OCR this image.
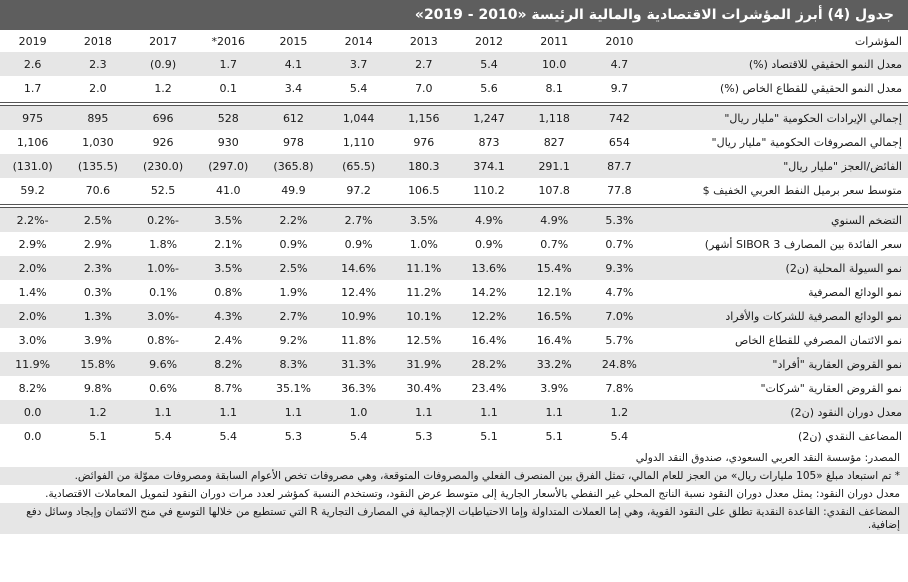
جدول (4) أبرز المؤشرات الاقتصادية والمالية الرئيسة «2010 - 2019»
المؤشرات	2010	2011	2012	2013	2014	2015	2016*	2017	2018	2019
معدل النمو الحقيقي للاقتصاد (%)	4.7	10.0	5.4	2.7	3.7	4.1	1.7	(0.9)	2.3	2.6
معدل النمو الحقيقي للقطاع الخاص (%)	9.7	8.1	5.6	7.0	5.4	3.4	0.1	1.2	2.0	1.7

إجمالي الإيرادات الحكومية "مليار ريال"	742	1,118	1,247	1,156	1,044	612	528	696	895	975
إجمالي المصروفات الحكومية "مليار ريال"	654	827	873	976	1,110	978	930	926	1,030	1,106
الفائض/العجز "مليار ريال"	87.7	291.1	374.1	180.3	(65.5)	(365.8)	(297.0)	(230.0)	(135.5)	(131.0)
متوسط سعر برميل النفط العربي الخفيف $	77.8	107.8	110.2	106.5	97.2	49.9	41.0	52.5	70.6	59.2

التضخم السنوي	5.3%	4.9%	4.9%	3.5%	2.7%	2.2%	3.5%	-0.2%	2.5%	-2.2%
سعر الفائدة بين المصارف 3 SIBOR أشهر)	0.7%	0.7%	0.9%	1.0%	0.9%	0.9%	2.1%	1.8%	2.9%	2.9%
نمو السيولة المحلية (ن2)	9.3%	15.4%	13.6%	11.1%	14.6%	2.5%	3.5%	-1.0%	2.3%	2.0%
نمو الودائع المصرفية	4.7%	12.1%	14.2%	11.2%	12.4%	1.9%	0.8%	0.1%	0.3%	1.4%
نمو الودائع المصرفية للشركات والأفراد	7.0%	16.5%	12.2%	10.1%	10.9%	2.7%	4.3%	-3.0%	1.3%	2.0%
نمو الائتمان المصرفي للقطاع الخاص	5.7%	16.4%	16.4%	12.5%	11.8%	9.2%	2.4%	-0.8%	3.9%	3.0%
نمو القروض العقارية "أفراد"	24.8%	33.2%	28.2%	31.9%	31.3%	8.3%	8.2%	9.6%	15.8%	11.9%
نمو القروض العقارية "شركات"	7.8%	3.9%	23.4%	30.4%	36.3%	35.1%	8.7%	0.6%	9.8%	8.2%
معدل دوران النقود (ن2)	1.2	1.1	1.1	1.1	1.0	1.1	1.1	1.1	1.2	0.0
المضاعف النقدي (ن2)	5.4	5.1	5.1	5.3	5.4	5.3	5.4	5.4	5.1	0.0
المصدر: مؤسسة النقد العربي السعودي، صندوق النقد الدولي
* تم استبعاد مبلغ «105 مليارات ريال» من العجز للعام المالي، تمثل الفرق بين المنصرف الفعلي والمصروفات المتوقعة، وهي مصروفات تخص الأعوام السابقة ومصروفات مموّلة من الفوائض.
معدل دوران النقود: يمثل معدل دوران النقود نسبة الناتج المحلي غير النفطي بالأسعار الجارية إلى متوسط عرض النقود، وتستخدم النسبة كمؤشر لعدد مرات دوران النقود لتمويل المعاملات الاقتصادية.
المضاعف النقدي: القاعدة النقدية تطلق على النقود القوية، وهي إما العملات المتداولة وإما الاحتياطيات الإجمالية في المصارف التجارية R التي تستطيع من خلالها التوسع في منح الائتمان وإيجاد وسائل دفع إضافية.
